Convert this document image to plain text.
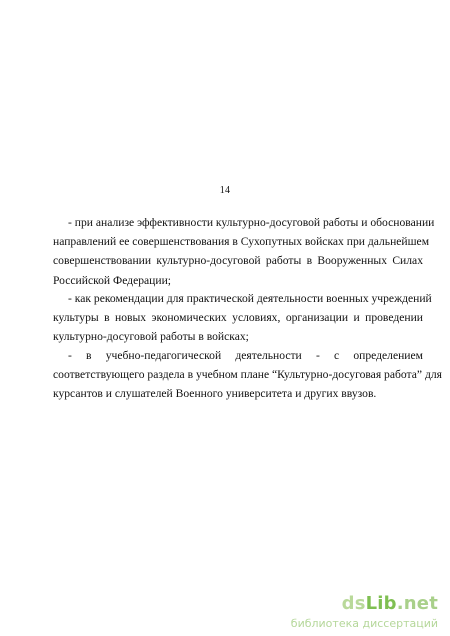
14
- при анализе эффективности культурно-досуговой работы и обосновании
направлений ее совершенствования в Сухопутных войсках при дальнейшем
совершенствовании культурно-досуговой работы в Вооруженных Силах
Российской Федерации;
- как рекомендации для практической деятельности военных учреждений
культуры в новых экономических условиях, организации и проведении
культурно-досуговой работы в войсках;
- в учебно-педагогической деятельности - с определением
соответствующего раздела в учебном плане “Культурно-досуговая работа” для
курсантов и слушателей Военного университета и других ввузов.
dsLib.net
библиотека диссертаций
